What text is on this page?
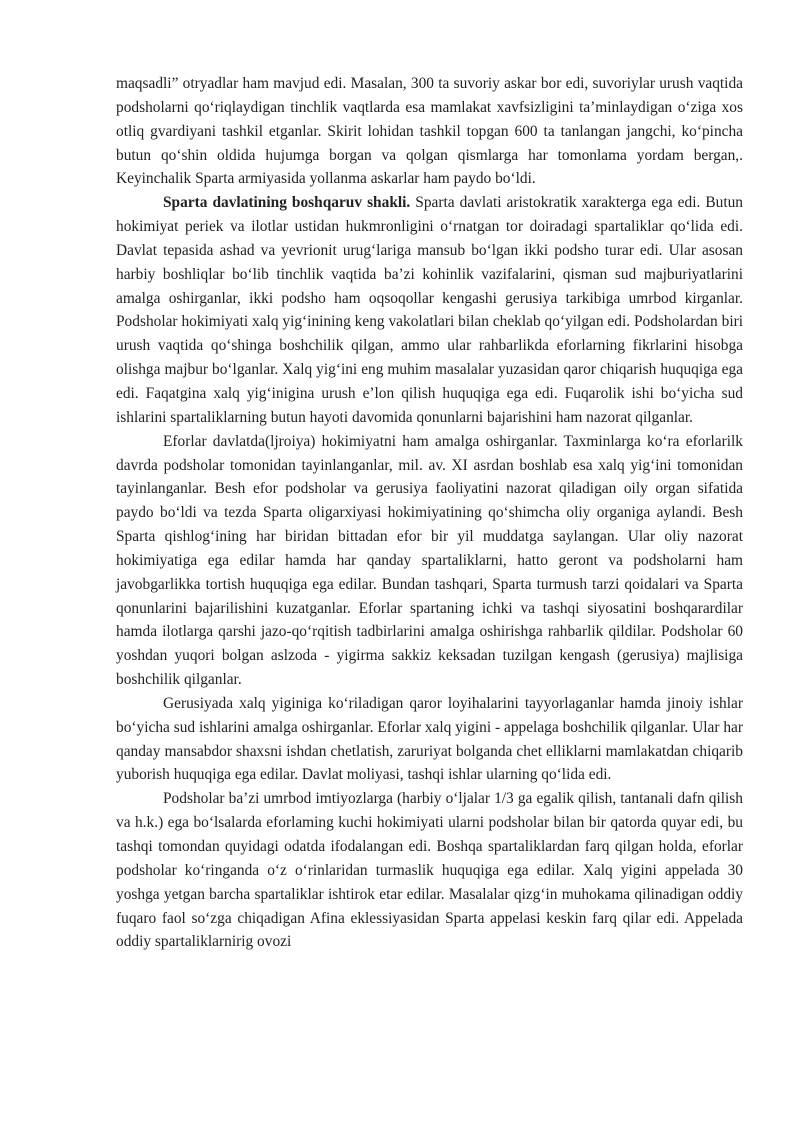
maqsadli” otryadlar ham mavjud edi. Masalan, 300 ta suvoriy askar bor edi, suvoriylar urush vaqtida podsholarni qo‘riqlaydigan tinchlik vaqtlarda esa mamlakat xavfsizligini ta’minlaydigan o‘ziga xos otliq gvardiyani tashkil etganlar. Skirit lohidan tashkil topgan 600 ta tanlangan jangchi, ko‘pincha butun qo‘shin oldida hujumga borgan va qolgan qismlarga har tomonlama yordam bergan,. Keyinchalik Sparta armiyasida yollanma askarlar ham paydo bo‘ldi.

Sparta davlatining boshqaruv shakli. Sparta davlati aristokratik xarakterga ega edi. Butun hokimiyat periek va ilotlar ustidan hukmronligini o‘rnatgan tor doiradagi spartaliklar qo‘lida edi. Davlat tepasida ashad va yevrionit urug‘lariga mansub bo‘lgan ikki podsho turar edi. Ular asosan harbiy boshliqlar bo‘lib tinchlik vaqtida ba’zi kohinlik vazifalarini, qisman sud majburiyatlarini amalga oshirganlar, ikki podsho ham oqsoqollar kengashi gerusiya tarkibiga umrbod kirganlar. Podsholar hokimiyati xalq yig‘inining keng vakolatlari bilan cheklab qo‘yilgan edi. Podsholardan biri urush vaqtida qo‘shinga boshchilik qilgan, ammo ular rahbarlikda eforlarning fikrlarini hisobga olishga majbur bo‘lganlar. Xalq yig‘ini eng muhim masalalar yuzasidan qaror chiqarish huquqiga ega edi. Faqatgina xalq yig‘inigina urush e’lon qilish huquqiga ega edi. Fuqarolik ishi bo‘yicha sud ishlarini spartaliklarning butun hayoti davomida qonunlarni bajarishini ham nazorat qilganlar.

Eforlar davlatda(ljroiya) hokimiyatni ham amalga oshirganlar. Taxminlarga ko‘ra eforlarilk davrda podsholar tomonidan tayinlanganlar, mil. av. XI asrdan boshlab esa xalq yig‘ini tomonidan tayinlanganlar. Besh efor podsholar va gerusiya faoliyatini nazorat qiladigan oily organ sifatida paydo bo‘ldi va tezda Sparta oligarxiyasi hokimiyatining qo‘shimcha oliy organiga aylandi. Besh Sparta qishlog‘ining har biridan bittadan efor bir yil muddatga saylangan. Ular oliy nazorat hokimiyatiga ega edilar hamda har qanday spartaliklarni, hatto geront va podsholarni ham javobgarlikka tortish huquqiga ega edilar. Bundan tashqari, Sparta turmush tarzi qoidalari va Sparta qonunlarini bajarilishini kuzatganlar. Eforlar spartaning ichki va tashqi siyosatini boshqarardilar hamda ilotlarga qarshi jazo-qo‘rqitish tadbirlarini amalga oshirishga rahbarlik qildilar. Podsholar 60 yoshdan yuqori bolgan aslzoda - yigirma sakkiz keksadan tuzilgan kengash (gerusiya) majlisiga boshchilik qilganlar.

Gerusiyada xalq yiginiga ko‘riladigan qaror loyihalarini tayyorlaganlar hamda jinoiy ishlar bo‘yicha sud ishlarini amalga oshirganlar. Eforlar xalq yigini - appelaga boshchilik qilganlar. Ular har qanday mansabdor shaxsni ishdan chetlatish, zaruriyat bolganda chet elliklarni mamlakatdan chiqarib yuborish huquqiga ega edilar. Davlat moliyasi, tashqi ishlar ularning qo‘lida edi.

Podsholar ba’zi umrbod imtiyozlarga (harbiy o‘ljalar 1/3 ga egalik qilish, tantanali dafn qilish va h.k.) ega bo‘lsalarda eforlaming kuchi hokimiyati ularni podsholar bilan bir qatorda quyar edi, bu tashqi tomondan quyidagi odatda ifodalangan edi. Boshqa spartaliklardan farq qilgan holda, eforlar podsholar ko‘ringanda o‘z o‘rinlaridan turmaslik huquqiga ega edilar. Xalq yigini appelada 30 yoshga yetgan barcha spartaliklar ishtirok etar edilar. Masalalar qizg‘in muhokama qilinadigan oddiy fuqaro faol so‘zga chiqadigan Afina eklessiyasidan Sparta appelasi keskin farq qilar edi. Appelada oddiy spartaliklarnirig ovozi
